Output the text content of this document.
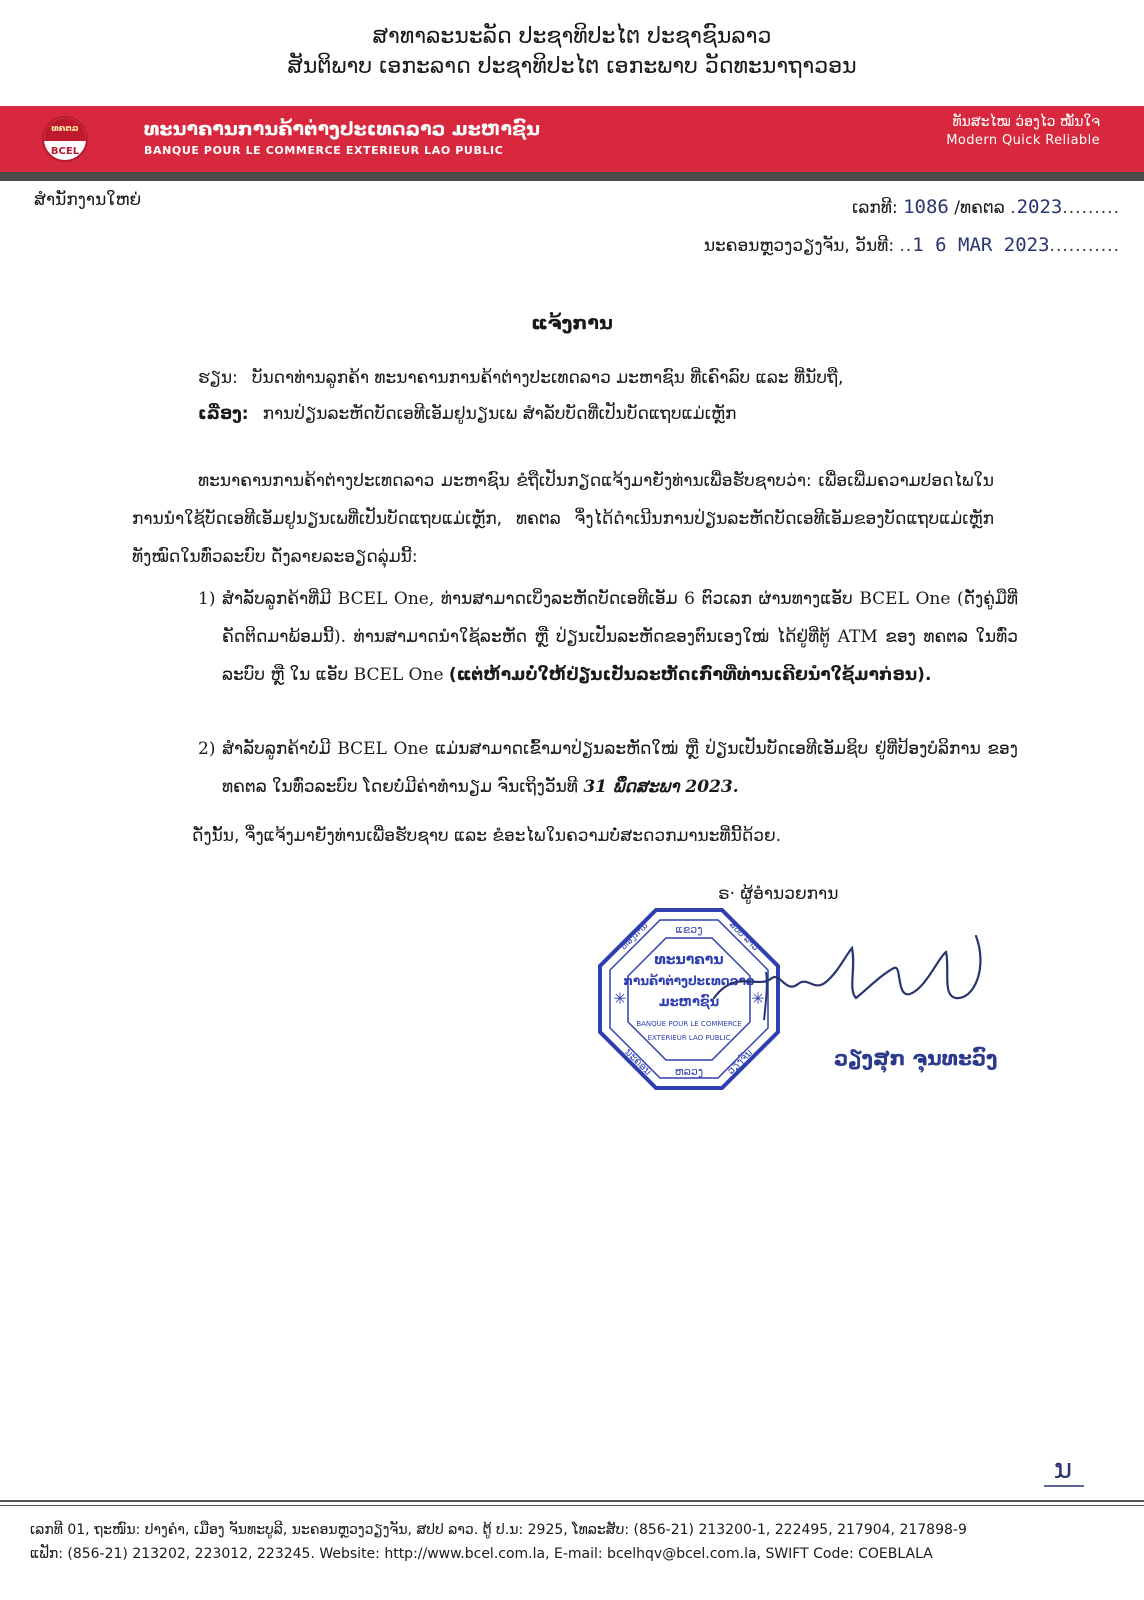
ສາທາລະນະລັດ ປະຊາທິປະໄຕ ປະຊາຊົນລາວ
ສັນຕິພາບ ເອກະລາດ ປະຊາທິປະໄຕ ເອກະພາບ ວັດທະນາຖາວອນ
ທຄຕລ
BCEL
ທະນາຄານການຄ້າຕ່າງປະເທດລາວ ມະຫາຊົນ
BANQUE POUR LE COMMERCE EXTERIEUR LAO PUBLIC
ທັນສະໄໝ ວ່ອງໄວ ໝັ້ນໃຈ
Modern Quick Reliable
ສໍານັກງານໃຫຍ່	ເລກທີ: 1086 /ທຄຕລ .2023.........
ນະຄອນຫຼວງວຽງຈັນ, ວັນທີ: ..1 6 MAR 2023...........
ແຈ້ງການ
ຮຽນ: ບັນດາທ່ານລູກຄ້າ ທະນາຄານການຄ້າຕ່າງປະເທດລາວ ມະຫາຊົນ ທີ່ເຄົາລົບ ແລະ ທີ່ນັບຖື,
ເລື່ອງ: ການປ່ຽນລະຫັດບັດເອທີເອັມຢູນຽນເພ ສໍາລັບບັດທີ່ເປັນບັດແຖບແມ່ເຫຼັກ
ທະນາຄານການຄ້າຕ່າງປະເທດລາວ ມະຫາຊົນ ຂໍຖືເປັນກຽດແຈ້ງມາຍັງທ່ານເພື່ອຮັບຊາບວ່າ: ເພື່ອເພີ່ມຄວາມປອດໄພໃນການນໍາໃຊ້ບັດເອທີເອັມຢູນຽນເພທີ່ເປັນບັດແຖບແມ່ເຫຼັກ, ທຄຕລ ຈຶ່ງໄດ້ດໍາເນີນການປ່ຽນລະຫັດບັດເອທີເອັມຂອງບັດແຖບແມ່ເຫຼັກທັງໝົດໃນທົ່ວລະບົບ ດັ່ງລາຍລະອຽດລຸ່ມນີ້:
1) ສໍາລັບລູກຄ້າທີ່ມີ BCEL One, ທ່ານສາມາດເບິ່ງລະຫັດບັດເອທີເອັມ 6 ຕົວເລກ ຜ່ານທາງແອັບ BCEL One (ດັ່ງຄູ່ມືທີ່ຄັດຕິດມາພ້ອມນີ້). ທ່ານສາມາດນໍາໃຊ້ລະຫັດ ຫຼື ປ່ຽນເປັນລະຫັດຂອງຕົນເອງໃໝ່ ໄດ້ຢູ່ທີ່ຕູ້ ATM ຂອງ ທຄຕລ ໃນທົ່ວລະບົບ ຫຼື ໃນ ແອັບ BCEL One (ແຕ່ຫ້າມບໍ່ໃຫ້ປ່ຽນເປັນລະຫັດເກົ່າທີ່ທ່ານເຄີຍນໍາໃຊ້ມາກ່ອນ).
2) ສໍາລັບລູກຄ້າບໍ່ມີ BCEL One ແມ່ນສາມາດເຂົ້າມາປ່ຽນລະຫັດໃໝ່ ຫຼື ປ່ຽນເປັນບັດເອທີເອັມຊິບ ຢູ່ທີ່ປ້ອງບໍລິການ ຂອງ ທຄຕລ ໃນທົ່ວລະບົບ ໂດຍບໍ່ມີຄ່າທໍານຽມ ຈົນເຖິງວັນທີ 31 ພຶດສະພາ 2023.
ດັ່ງນັ້ນ, ຈຶ່ງແຈ້ງມາຍັງທ່ານເພື່ອຮັບຊາບ ແລະ ຂໍອະໄພໃນຄວາມບໍ່ສະດວກມານະທີ່ນີ້ດ້ວຍ.
ຣ· ຜູ້ອໍານວຍການ
ແຂວງ
ຫລວງ
ຫ້ອງການ	ສປປ ລາວ
ນະຄອນ	ວຽງຈັນ
✳	✳
ທະນາຄານ
ການຄ້າຕ່າງປະເທດລາວ
ມະຫາຊົນ
BANQUE POUR LE COMMERCE
EXTERIEUR LAO PUBLIC
ວຽງສຸກ ຈຸນທະວົງ
ນ
ເລກທີ 01, ຖະໜົນ: ປາງຄໍາ, ເມືອງ ຈັນທະບູລີ, ນະຄອນຫຼວງວຽງຈັນ, ສປປ ລາວ. ຕູ້ ປ.ນ: 2925, ໂທລະສັບ: (856-21) 213200-1, 222495, 217904, 217898-9
ແຟັກ: (856-21) 213202, 223012, 223245. Website: http://www.bcel.com.la, E-mail: bcelhqv@bcel.com.la, SWIFT Code: COEBLALA
